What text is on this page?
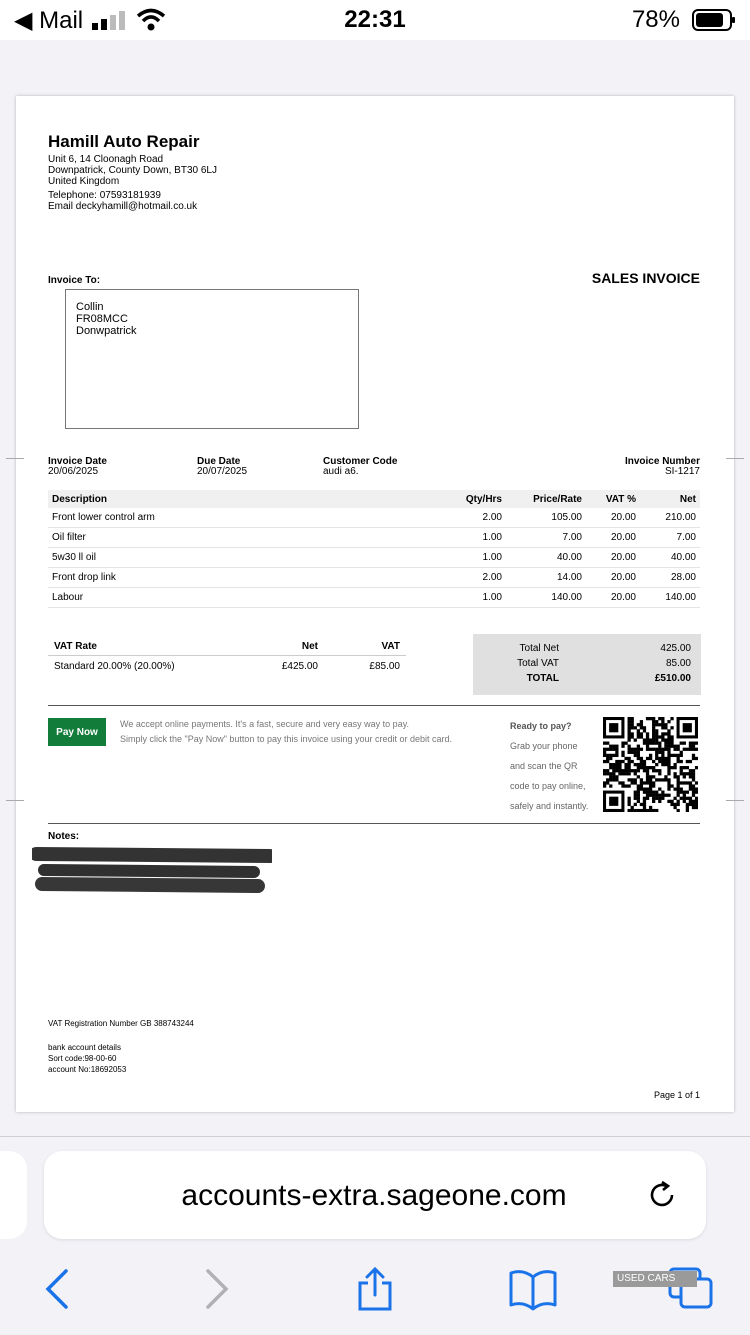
◀ Mail	22:31	78%
Hamill Auto Repair
Unit 6, 14 Cloonagh Road
Downpatrick, County Down, BT30 6LJ
United Kingdom
Telephone: 07593181939
Email deckyhamill@hotmail.co.uk
Invoice To:	SALES INVOICE
Collin
FR08MCC
Donwpatrick
Invoice Date
20/06/2025
Due Date
20/07/2025
Customer Code
audi a6.
Invoice Number
SI-1217
Description	Qty/Hrs	Price/Rate	VAT %	Net
Front lower control arm	2.00	105.00	20.00	210.00
Oil filter	1.00	7.00	20.00	7.00
5w30 ll oil	1.00	40.00	20.00	40.00
Front drop link	2.00	14.00	20.00	28.00
Labour	1.00	140.00	20.00	140.00
VAT Rate	Net	VAT
Standard 20.00% (20.00%)	£425.00	£85.00
Total Net	425.00
Total VAT	85.00
TOTAL	£510.00
Pay Now
We accept online payments. It's a fast, secure and very easy way to pay.
Simply click the "Pay Now" button to pay this invoice using your credit or debit card.
Ready to pay?
Grab your phone
and scan the QR
code to pay online,
safely and instantly.
Notes:
VAT Registration Number GB 388743244
bank account details
Sort code:98-00-60
account No:18692053
Page 1 of 1
accounts-extra.sageone.com
USED CARS
